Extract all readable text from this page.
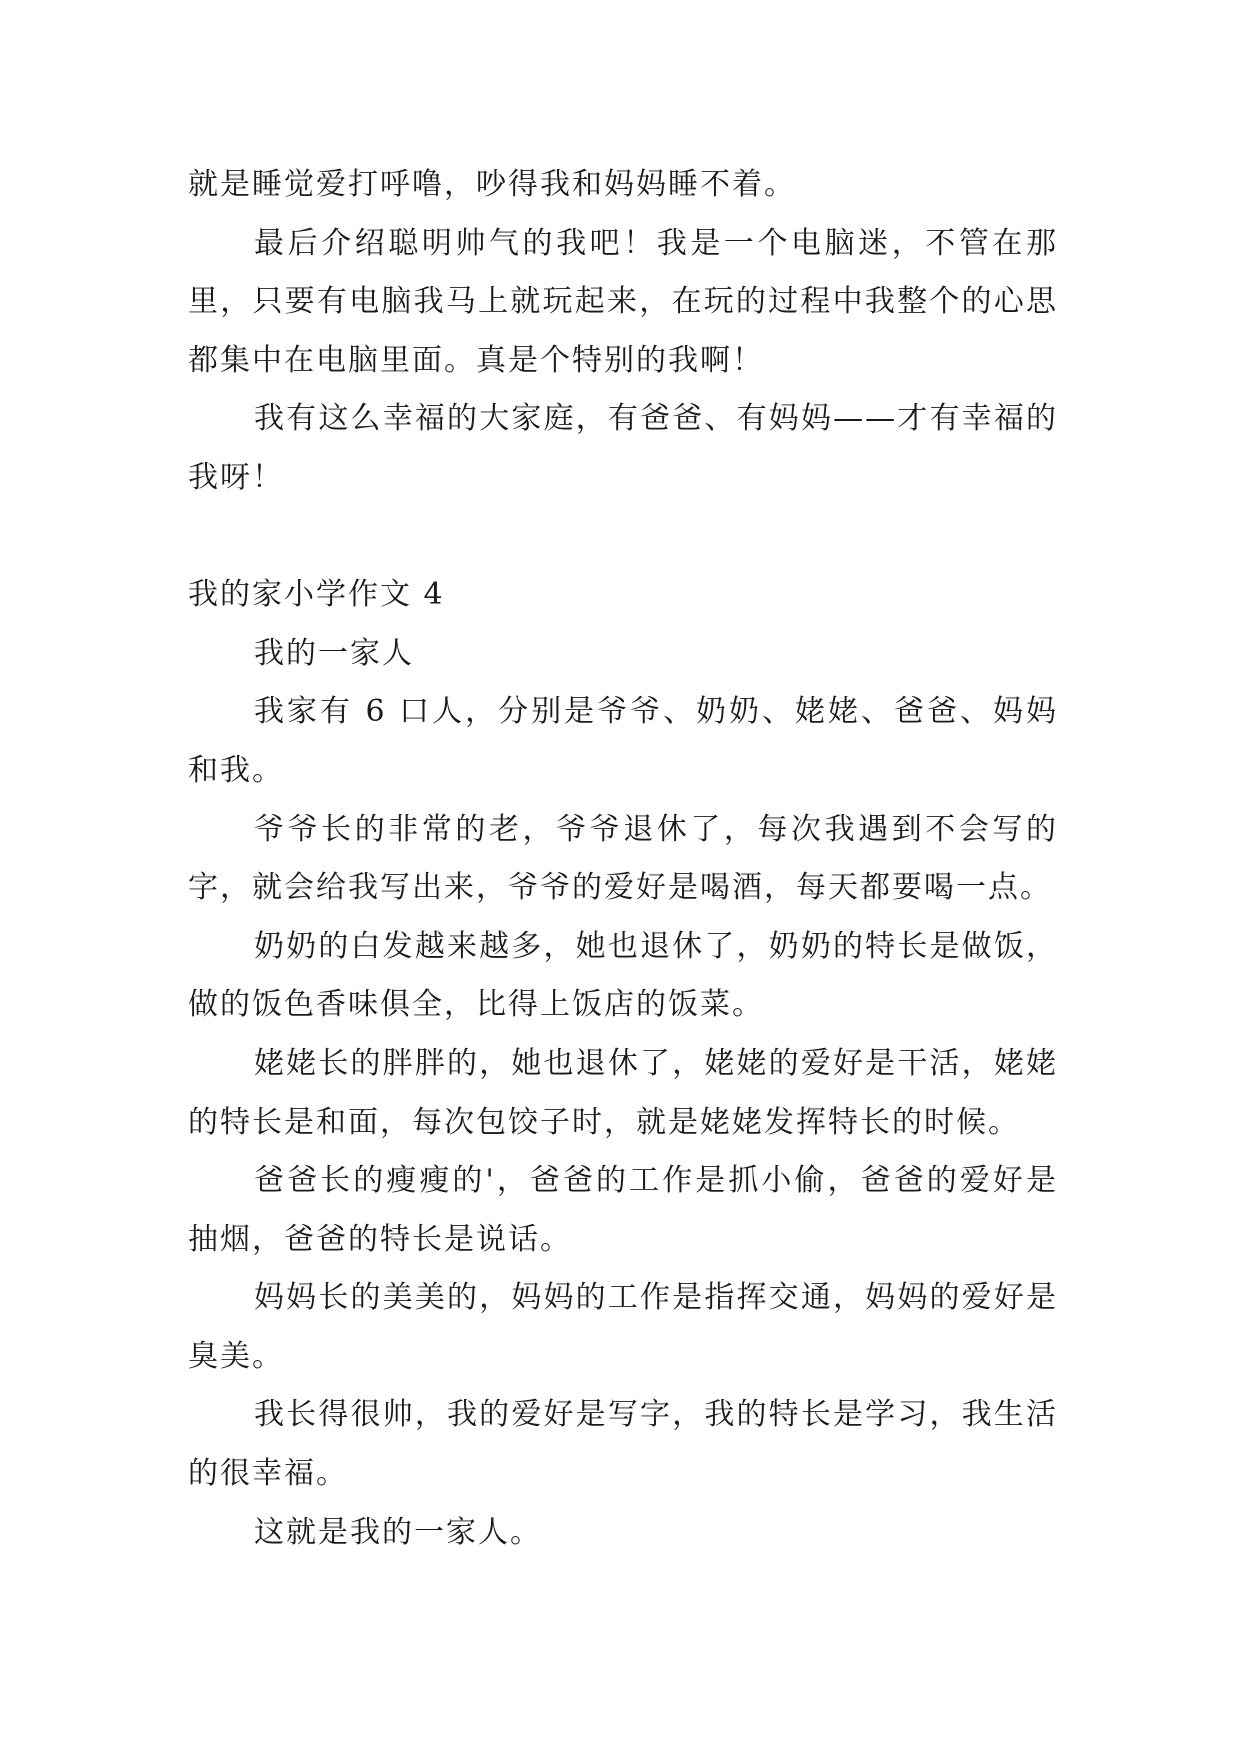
就是睡觉爱打呼噜，吵得我和妈妈睡不着。

最后介绍聪明帅气的我吧！我是一个电脑迷，不管在那里，只要有电脑我马上就玩起来，在玩的过程中我整个的心思都集中在电脑里面。真是个特别的我啊！

我有这么幸福的大家庭，有爸爸、有妈妈——才有幸福的我呀！

我的家小学作文 4

我的一家人

我家有 6 口人，分别是爷爷、奶奶、姥姥、爸爸、妈妈和我。

爷爷长的非常的老，爷爷退休了，每次我遇到不会写的字，就会给我写出来，爷爷的爱好是喝酒，每天都要喝一点。

奶奶的白发越来越多，她也退休了，奶奶的特长是做饭，做的饭色香味俱全，比得上饭店的饭菜。

姥姥长的胖胖的，她也退休了，姥姥的爱好是干活，姥姥的特长是和面，每次包饺子时，就是姥姥发挥特长的时候。

爸爸长的瘦瘦的'，爸爸的工作是抓小偷，爸爸的爱好是抽烟，爸爸的特长是说话。

妈妈长的美美的，妈妈的工作是指挥交通，妈妈的爱好是臭美。

我长得很帅，我的爱好是写字，我的特长是学习，我生活的很幸福。

这就是我的一家人。
